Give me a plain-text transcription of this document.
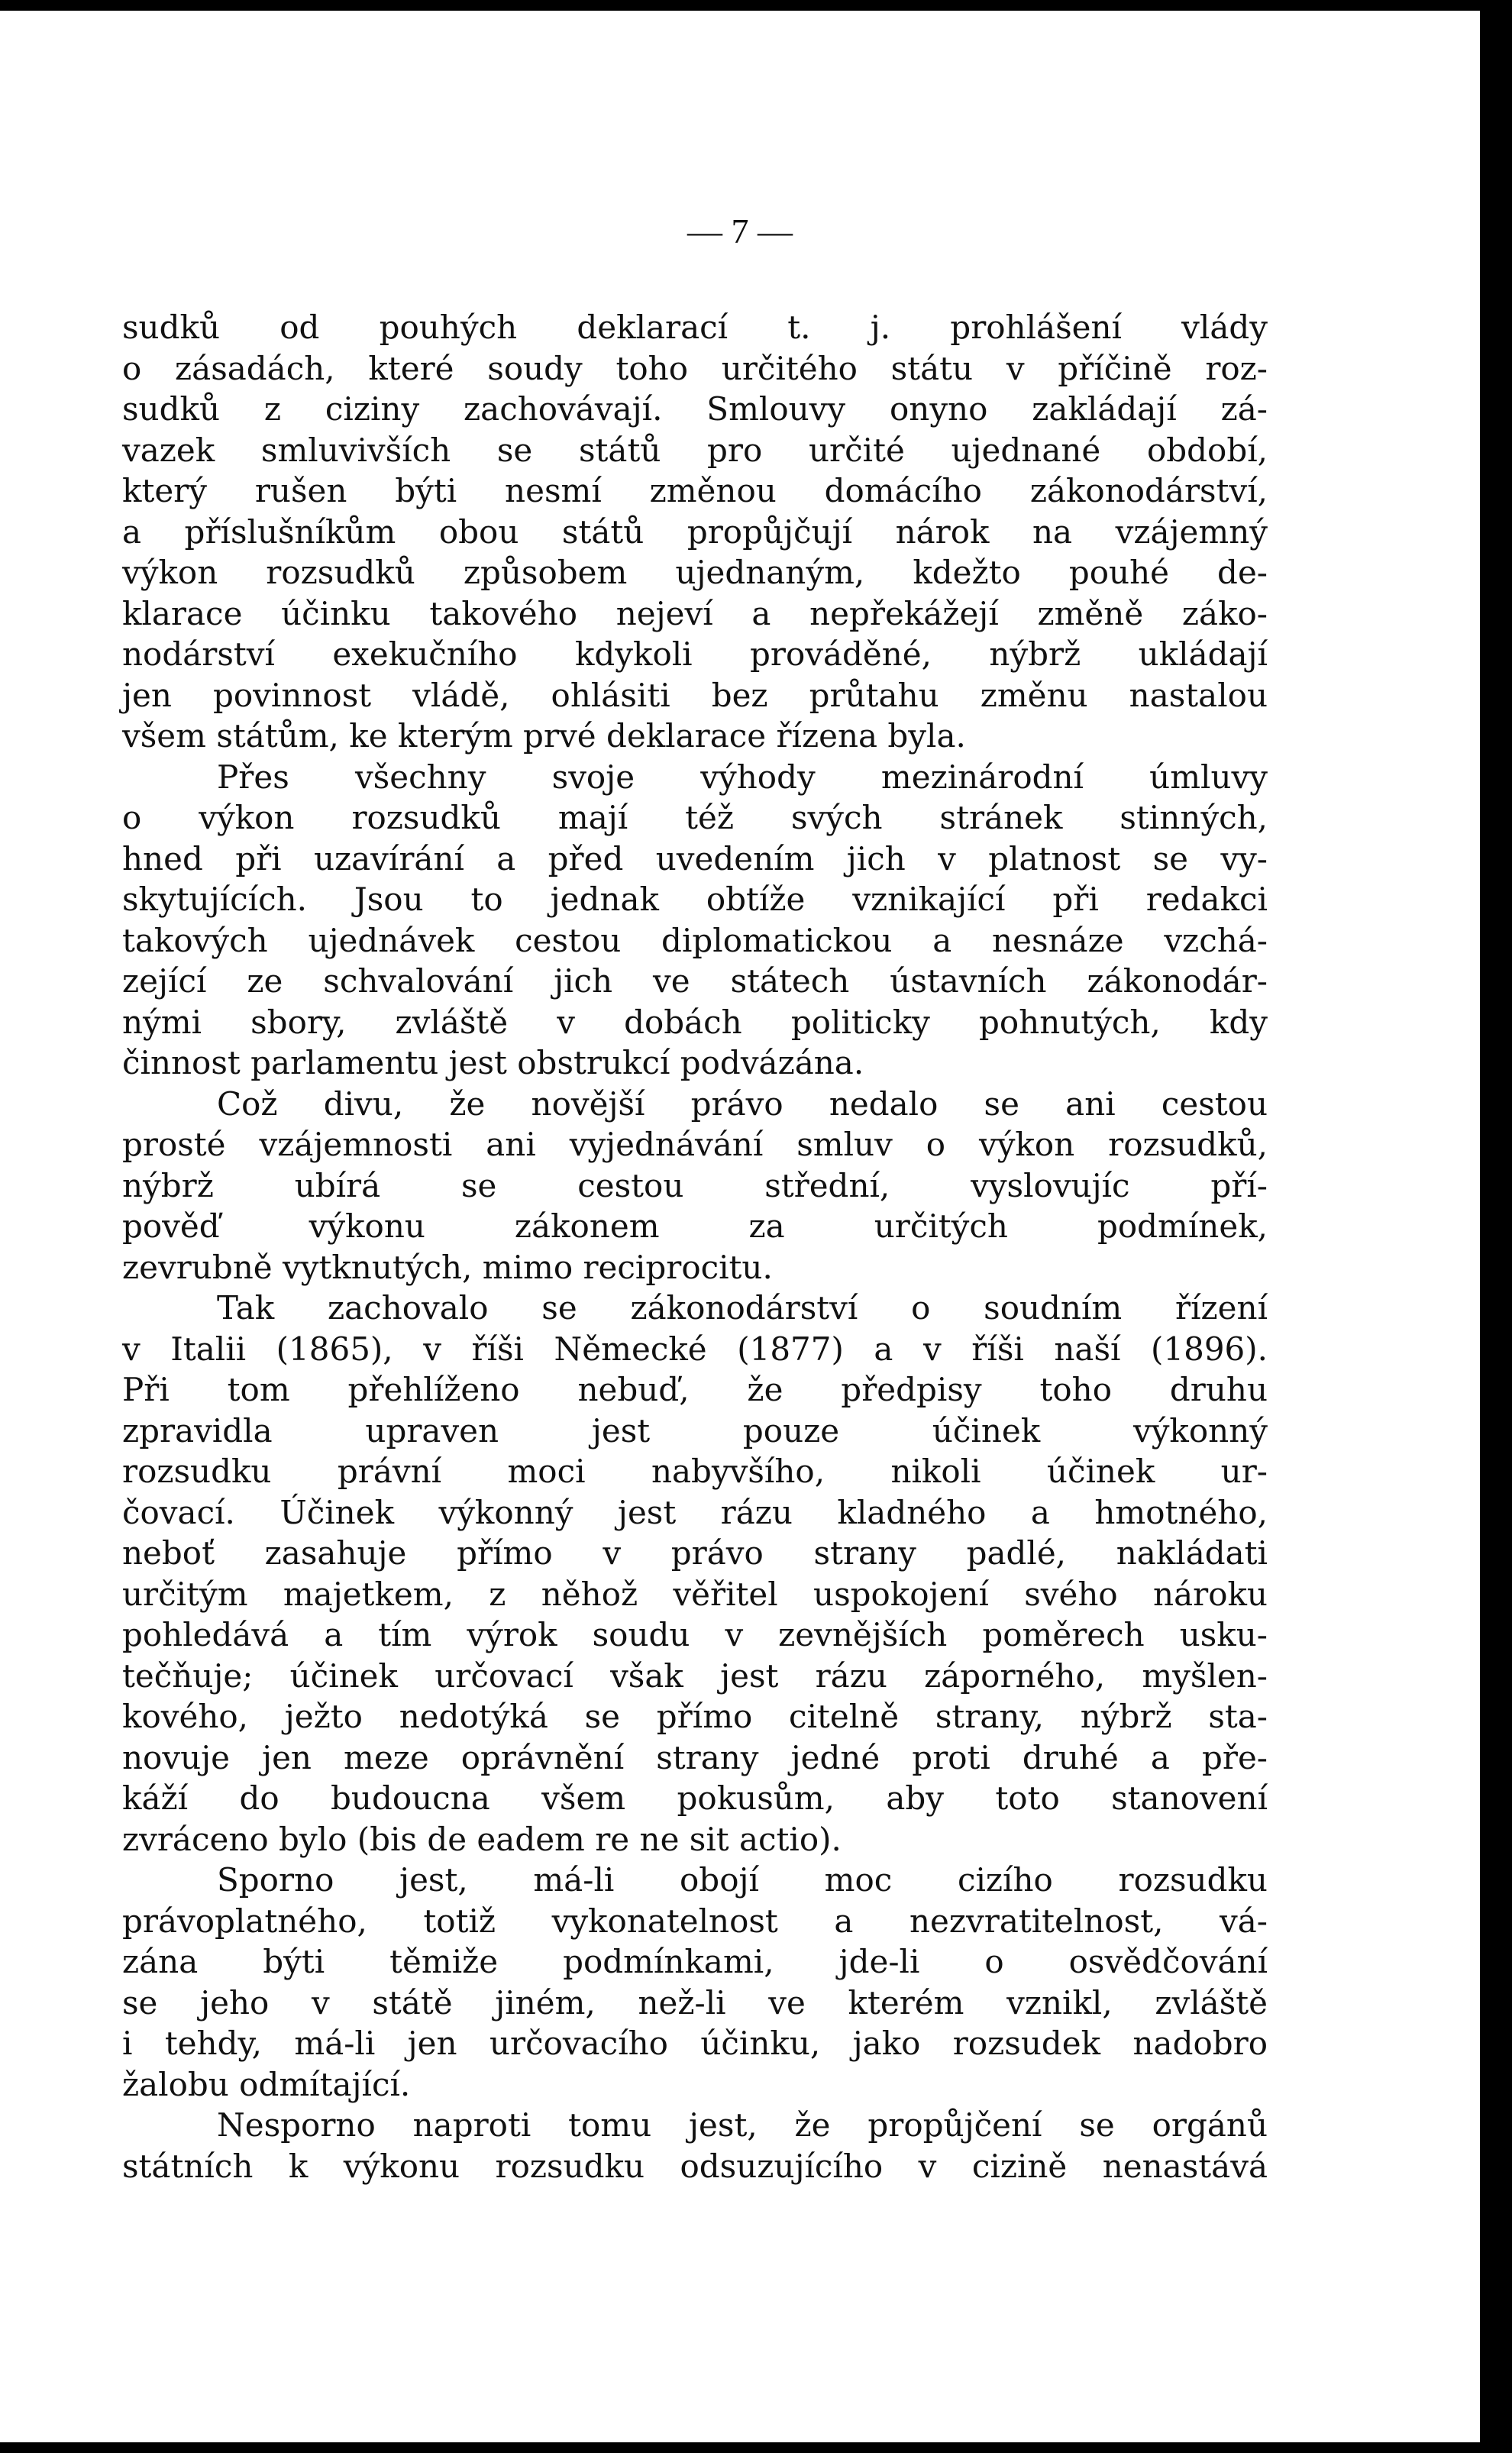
— 7 —
sudků od pouhých deklarací t. j. prohlášení vlády
o zásadách, které soudy toho určitého státu v příčině roz-
sudků z ciziny zachovávají. Smlouvy onyno zakládají zá-
vazek smluvivších se států pro určité ujednané období,
který rušen býti nesmí změnou domácího zákonodárství,
a příslušníkům obou států propůjčují nárok na vzájemný
výkon rozsudků způsobem ujednaným, kdežto pouhé de-
klarace účinku takového nejeví a nepřekážejí změně záko-
nodárství exekučního kdykoli prováděné, nýbrž ukládají
jen povinnost vládě, ohlásiti bez průtahu změnu nastalou
všem státům, ke kterým prvé deklarace řízena byla.
Přes všechny svoje výhody mezinárodní úmluvy
o výkon rozsudků mají též svých stránek stinných,
hned při uzavírání a před uvedením jich v platnost se vy-
skytujících. Jsou to jednak obtíže vznikající při redakci
takových ujednávek cestou diplomatickou a nesnáze vzchá-
zející ze schvalování jich ve státech ústavních zákonodár-
nými sbory, zvláště v dobách politicky pohnutých, kdy
činnost parlamentu jest obstrukcí podvázána.
Což divu, že novější právo nedalo se ani cestou
prosté vzájemnosti ani vyjednávání smluv o výkon rozsudků,
nýbrž ubírá se cestou střední, vyslovujíc pří-
pověď výkonu zákonem za určitých podmínek,
zevrubně vytknutých, mimo reciprocitu.
Tak zachovalo se zákonodárství o soudním řízení
v Italii (1865), v říši Německé (1877) a v říši naší (1896).
Při tom přehlíženo nebuď, že předpisy toho druhu
zpravidla upraven jest pouze účinek výkonný
rozsudku právní moci nabyvšího, nikoli účinek ur-
čovací. Účinek výkonný jest rázu kladného a hmotného,
neboť zasahuje přímo v právo strany padlé, nakládati
určitým majetkem, z něhož věřitel uspokojení svého nároku
pohledává a tím výrok soudu v zevnějších poměrech usku-
tečňuje; účinek určovací však jest rázu záporného, myšlen-
kového, ježto nedotýká se přímo citelně strany, nýbrž sta-
novuje jen meze oprávnění strany jedné proti druhé a pře-
káží do budoucna všem pokusům, aby toto stanovení
zvráceno bylo (bis de eadem re ne sit actio).
Sporno jest, má-li obojí moc cizího rozsudku
právoplatného, totiž vykonatelnost a nezvratitelnost, vá-
zána býti těmiže podmínkami, jde-li o osvědčování
se jeho v státě jiném, než-li ve kterém vznikl, zvláště
i tehdy, má-li jen určovacího účinku, jako rozsudek nadobro
žalobu odmítající.
Nesporno naproti tomu jest, že propůjčení se orgánů
státních k výkonu rozsudku odsuzujícího v cizině nenastává
